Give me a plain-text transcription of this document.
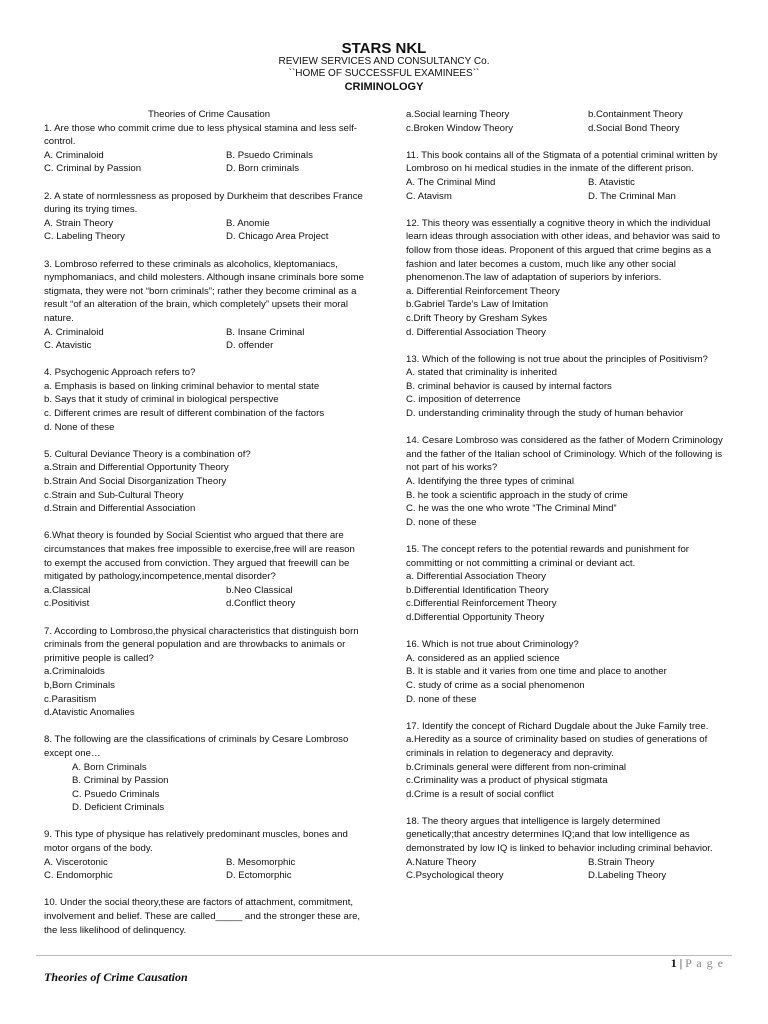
STARS NKL
REVIEW SERVICES AND CONSULTANCY Co.
``HOME OF SUCCESSFUL EXAMINEES``
CRIMINOLOGY
Theories of Crime Causation
1. Are those who commit crime due to less physical stamina and less self-control.
A. Criminaloid	B. Psuedo Criminals
C. Criminal by Passion	D. Born criminals
2. A state of normlessness as proposed by Durkheim that describes France during its trying times.
A. Strain Theory	B. Anomie
C. Labeling Theory	D. Chicago Area Project
3. Lombroso referred to these criminals as alcoholics, kleptomaniacs, nymphomaniacs, and child molesters. Although insane criminals bore some stigmata, they were not “born criminals”; rather they become criminal as a result “of an alteration of the brain, which completely” upsets their moral nature.
A. Criminaloid	B. Insane Criminal
C. Atavistic	D. offender
4. Psychogenic Approach refers to?
a. Emphasis is based on linking criminal behavior to mental state
b. Says that it study of criminal in biological perspective
c. Different crimes are result of different combination of the factors
d. None of these
5. Cultural Deviance Theory is a combination of?
a.Strain and Differential Opportunity Theory
b.Strain And Social Disorganization Theory
c.Strain and Sub-Cultural Theory
d.Strain and Differential Association
6.What theory is founded by Social Scientist who argued that there are circumstances that makes free impossible to exercise,free will are reason to exempt the accused from conviction. They argued that freewill can be mitigated by pathology,incompetence,mental disorder?
a.Classical	b.Neo Classical
c.Positivist	d.Conflict theory
7. According to Lombroso,the physical characteristics that distinguish born criminals from the general population and are throwbacks to animals or primitive people is called?
a.Criminaloids
b,Born Criminals
c.Parasitism
d.Atavistic Anomalies
8. The following are the classifications of criminals by Cesare Lombroso except one…
A. Born Criminals
B. Criminal by Passion
C. Psuedo Criminals
D. Deficient Criminals
9. This type of physique has relatively predominant muscles, bones and motor organs of the body.
A. Viscerotonic	B. Mesomorphic
C. Endomorphic	D. Ectomorphic
10. Under the social theory,these are factors of attachment, commitment, involvement and belief. These are called_____ and the stronger these are, the less likelihood of delinquency.
a.Social learning Theory	b.Containment Theory
c.Broken Window Theory	d.Social Bond Theory
11. This book contains all of the Stigmata of a potential criminal written by Lombroso on hi medical studies in the inmate of the different prison.
A. The Criminal Mind	B. Atavistic
C. Atavism	D. The Criminal Man
12. This theory was essentially a cognitive theory in which the individual learn ideas through association with other ideas, and behavior was said to follow from those ideas. Proponent of this argued that crime begins as a fashion and later becomes a custom, much like any other social phenomenon.The law of adaptation of superiors by inferiors.
a. Differential Reinforcement Theory
b.Gabriel Tarde’s Law of Imitation
c.Drift Theory by Gresham Sykes
d. Differential Association Theory
13. Which of the following is not true about the principles of Positivism?
A. stated that criminality is inherited
B. criminal behavior is caused by internal factors
C. imposition of deterrence
D. understanding criminality through the study of human behavior
14. Cesare Lombroso was considered as the father of Modern Criminology and the father of the Italian school of Criminology. Which of the following is not part of his works?
A. Identifying the three types of criminal
B. he took a scientific approach in the study of crime
C. he was the one who wrote “The Criminal Mind”
D. none of these
15. The concept refers to the potential rewards and punishment for committing or not committing a criminal or deviant act.
a. Differential Association Theory
b.Differential Identification Theory
c.Differential Reinforcement Theory
d.Differential Opportunity Theory
16. Which is not true about Criminology?
A. considered as an applied science
B. It is stable and it varies from one time and place to another
C. study of crime as a social phenomenon
D. none of these
17. Identify the concept of Richard Dugdale about the Juke Family tree.
a.Heredity as a source of criminality based on studies of generations of criminals in relation to degeneracy and depravity.
b.Criminals general were different from non-criminal
c.Criminality was a product of physical stigmata
d.Crime is a result of social conflict
18. The theory argues that intelligence is largely determined genetically;that ancestry determines IQ;and that low intelligence as demonstrated by low IQ is linked to behavior including criminal behavior.
A.Nature Theory	B.Strain Theory
C.Psychological theory	D.Labeling Theory
1 | P a g e
Theories of Crime Causation
